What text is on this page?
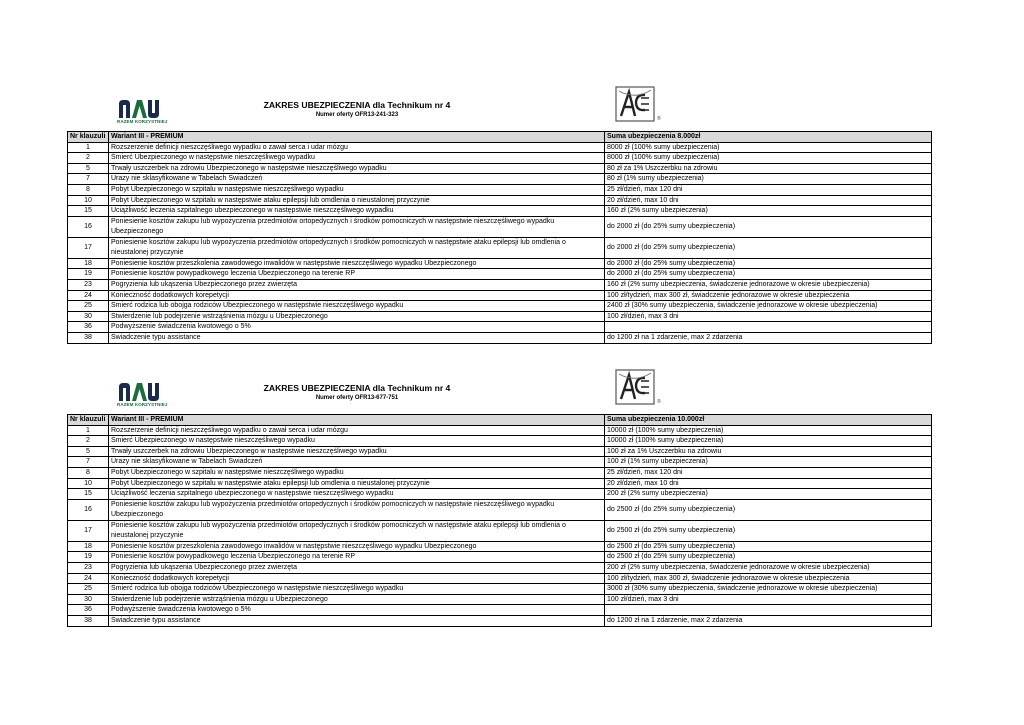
RAZEM KORZYSTNIEJ
ZAKRES UBEZPIECZENIA dla Technikum nr 4
Numer oferty OFR13-241-323
®
Nr klauzuli	Wariant III - PREMIUM	Suma ubezpieczenia 8.000zł
1	Rozszerzenie definicji nieszczęśliwego wypadku o zawał serca i udar mózgu	8000 zł (100% sumy ubezpieczenia)
2	Śmierć Ubezpieczonego w następstwie nieszczęśliwego wypadku	8000 zł (100% sumy ubezpieczenia)
5	Trwały uszczerbek na zdrowiu Ubezpieczonego w następstwie nieszczęśliwego wypadku	80 zł za 1% Uszczerbku na zdrowiu
7	Urazy nie sklasyfikowane w Tabelach Świadczeń	80 zł (1% sumy ubezpieczenia)
8	Pobyt Ubezpieczonego w szpitalu w następstwie nieszczęśliwego wypadku	25 zł/dzień, max 120 dni
10	Pobyt Ubezpieczonego w szpitalu w następstwie ataku epilepsji lub omdlenia o nieustalonej przyczynie	20 zł/dzień, max 10 dni
15	Uciążliwość leczenia szpitalnego ubezpieczonego w następstwie nieszczęśliwego wypadku	160 zł (2% sumy ubezpieczenia)
16	Poniesienie kosztów zakupu lub wypożyczenia przedmiotów ortopedycznych i środków pomocniczych w następstwie nieszczęśliwego wypadku Ubezpieczonego	do 2000 zł (do 25% sumy ubezpieczenia)
17	Poniesienie kosztów zakupu lub wypożyczenia przedmiotów ortopedycznych i środków pomocniczych w następstwie ataku epilepsji lub omdlenia o nieustalonej przyczynie	do 2000 zł (do 25% sumy ubezpieczenia)
18	Poniesienie kosztów przeszkolenia zawodowego inwalidów w następstwie nieszczęśliwego wypadku Ubezpieczonego	do 2000 zł (do 25% sumy ubezpieczenia)
19	Poniesienie kosztów powypadkowego leczenia Ubezpieczonego na terenie RP	do 2000 zł (do 25% sumy ubezpieczenia)
23	Pogryzienia lub ukąszenia Ubezpieczonego przez zwierzęta	160 zł (2% sumy ubezpieczenia, świadczenie jednorazowe w okresie ubezpieczenia)
24	Konieczność dodatkowych korepetycji	100 zł/tydzień, max 300 zł, świadczenie jednorazowe w okresie ubezpieczenia
25	Śmierć rodzica lub obojga rodziców Ubezpieczonego w następstwie nieszczęśliwego wypadku	2400 zł (30% sumy ubezpieczenia, świadczenie jednorazowe w okresie ubezpieczenia)
30	Stwierdzenie lub podejrzenie wstrząśnienia mózgu u Ubezpieczonego	100 zł/dzień, max 3 dni
36	Podwyższenie świadczenia kwotowego o 5%	
38	Świadczenie typu assistance	do 1200 zł na 1 zdarzenie, max 2 zdarzenia
RAZEM KORZYSTNIEJ
ZAKRES UBEZPIECZENIA dla Technikum nr 4
Numer oferty OFR13-677-751
®
Nr klauzuli	Wariant III - PREMIUM	Suma ubezpieczenia 10.000zł
1	Rozszerzenie definicji nieszczęśliwego wypadku o zawał serca i udar mózgu	10000 zł (100% sumy ubezpieczenia)
2	Śmierć Ubezpieczonego w następstwie nieszczęśliwego wypadku	10000 zł (100% sumy ubezpieczenia)
5	Trwały uszczerbek na zdrowiu Ubezpieczonego w następstwie nieszczęśliwego wypadku	100 zł za 1% Uszczerbku na zdrowiu
7	Urazy nie sklasyfikowane w Tabelach Świadczeń	100 zł (1% sumy ubezpieczenia)
8	Pobyt Ubezpieczonego w szpitalu w następstwie nieszczęśliwego wypadku	25 zł/dzień, max 120 dni
10	Pobyt Ubezpieczonego w szpitalu w następstwie ataku epilepsji lub omdlenia o nieustalonej przyczynie	20 zł/dzień, max 10 dni
15	Uciążliwość leczenia szpitalnego ubezpieczonego w następstwie nieszczęśliwego wypadku	200 zł (2% sumy ubezpieczenia)
16	Poniesienie kosztów zakupu lub wypożyczenia przedmiotów ortopedycznych i środków pomocniczych w następstwie nieszczęśliwego wypadku Ubezpieczonego	do 2500 zł (do 25% sumy ubezpieczenia)
17	Poniesienie kosztów zakupu lub wypożyczenia przedmiotów ortopedycznych i środków pomocniczych w następstwie ataku epilepsji lub omdlenia o nieustalonej przyczynie	do 2500 zł (do 25% sumy ubezpieczenia)
18	Poniesienie kosztów przeszkolenia zawodowego inwalidów w następstwie nieszczęśliwego wypadku Ubezpieczonego	do 2500 zł (do 25% sumy ubezpieczenia)
19	Poniesienie kosztów powypadkowego leczenia Ubezpieczonego na terenie RP	do 2500 zł (do 25% sumy ubezpieczenia)
23	Pogryzienia lub ukąszenia Ubezpieczonego przez zwierzęta	200 zł (2% sumy ubezpieczenia, świadczenie jednorazowe w okresie ubezpieczenia)
24	Konieczność dodatkowych korepetycji	100 zł/tydzień, max 300 zł, świadczenie jednorazowe w okresie ubezpieczenia
25	Śmierć rodzica lub obojga rodziców Ubezpieczonego w następstwie nieszczęśliwego wypadku	3000 zł (30% sumy ubezpieczenia, świadczenie jednorazowe w okresie ubezpieczenia)
30	Stwierdzenie lub podejrzenie wstrząśnienia mózgu u Ubezpieczonego	100 zł/dzień, max 3 dni
36	Podwyższenie świadczenia kwotowego o 5%	
38	Świadczenie typu assistance	do 1200 zł na 1 zdarzenie, max 2 zdarzenia
